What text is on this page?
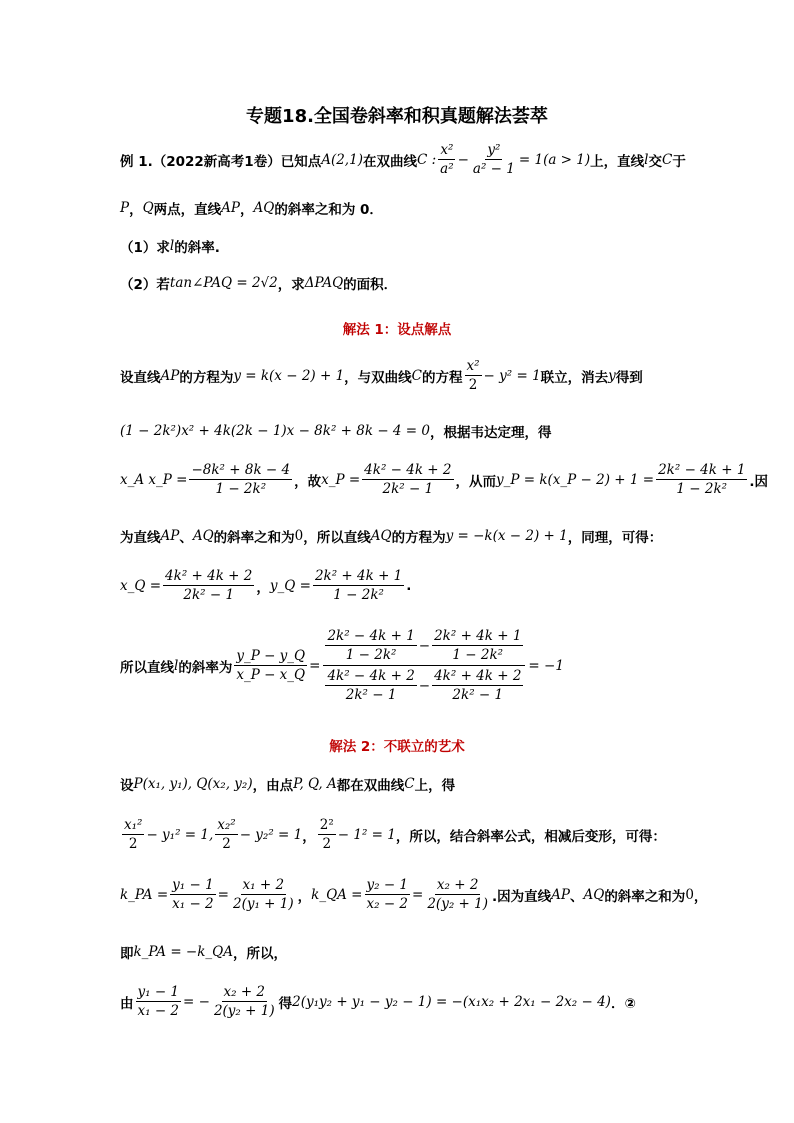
专题18.全国卷斜率和积真题解法荟萃
例 1.（2022新高考1卷）已知点 A(2,1) 在双曲线 C : $\frac{\text{x²}}{\text{a²}} - \frac{\text{y²}}{\text{a² − 1}} = 1(a > 1)$ 上，直线 l 交 C 于
P ， Q 两点，直线 AP ， AQ 的斜率之和为 0．
（1）求 l 的斜率.
（2）若 tan∠PAQ = 2√2 ，求 ΔPAQ 的面积．
解法 1：设点解点
设直线 AP 的方程为 y = k(x − 2) + 1 ，与双曲线 C 的方程 $\frac{\text{x²}}{2} - y^2 = 1$ 联立，消去 y 得到
(1 − 2k²)x² + 4k(2k − 1)x − 8k² + 8k − 4 = 0 ，根据韦达定理，得
x_A x_P = $\frac{\text{−8k² + 8k − 4}}{\text{1 − 2k²}}$ ，故 x_P = $\frac{\text{4k² − 4k + 2}}{\text{2k² − 1}}$ ，从而 y_P = k(x_P − $2) + 1 = \frac{\text{2k² − 4k + 1}}{\text{1 − 2k²}}$ .因
为直线 AP 、 AQ 的斜率之和为 0 ，所以直线 AQ 的方程为 y = −k(x − 2) + 1 ，同理，可得：
x_Q = $\frac{\text{4k² + 4k + 2}}{\text{2k² − 1}}$ ， y_Q = $\frac{\text{2k² + 4k + 1}}{\text{1 − 2k²}}$ .
所以直线 l 的斜率为 $\frac{y\_P - y\_Q}{x\_P - x\_Q}$ =
$\frac{\text{2k² − 4k + 1}}{\text{1 − 2k²}} - \frac{\text{2k² + 4k + 1}}{\text{1 − 2k²}}$
$\frac{\text{4k² − 4k + 2}}{\text{2k² − 1}} - \frac{\text{4k² + 4k + 2}}{\text{2k² − 1}}$
= −1
解法 2：不联立的艺术
设 P(x₁, y₁), Q(x₂, y₂) ，由点 P, Q, A 都在双曲线 C 上，得
$\frac{\text{x₁²}}{2} - y_1^2 = 1$, $\frac{\text{x₂²}}{2} - y_2^2 = 1$ ， $\frac{\text{2²}}{2} - 1^2 = 1$ ，所以，结合斜率公式，相减后变形，可得：
k_PA = $\frac{\text{y₁ − 1}}{\text{x₁ − 2}} = \frac{\text{x₁ + 2}}{\text{2(y₁ + 1)}}$ ， k_QA = $\frac{\text{y₂ − 1}}{\text{x₂ − 2}} = \frac{\text{x₂ + 2}}{\text{2(y₂ + 1)}}$ .因为直线 AP 、 AQ 的斜率之和为 0 ，
即 k_PA = −k_QA ，所以，
由 $\frac{\text{y₁ − 1}}{\text{x₁ − 2}}$ = − $\frac{\text{x₂ + 2}}{\text{2(y₂ + 1)}}$ 得 2(y₁y₂ + y₁ − y₂ − 1) = −(x₁x₂ + 2x₁ − 2x₂ − 4) ．②
